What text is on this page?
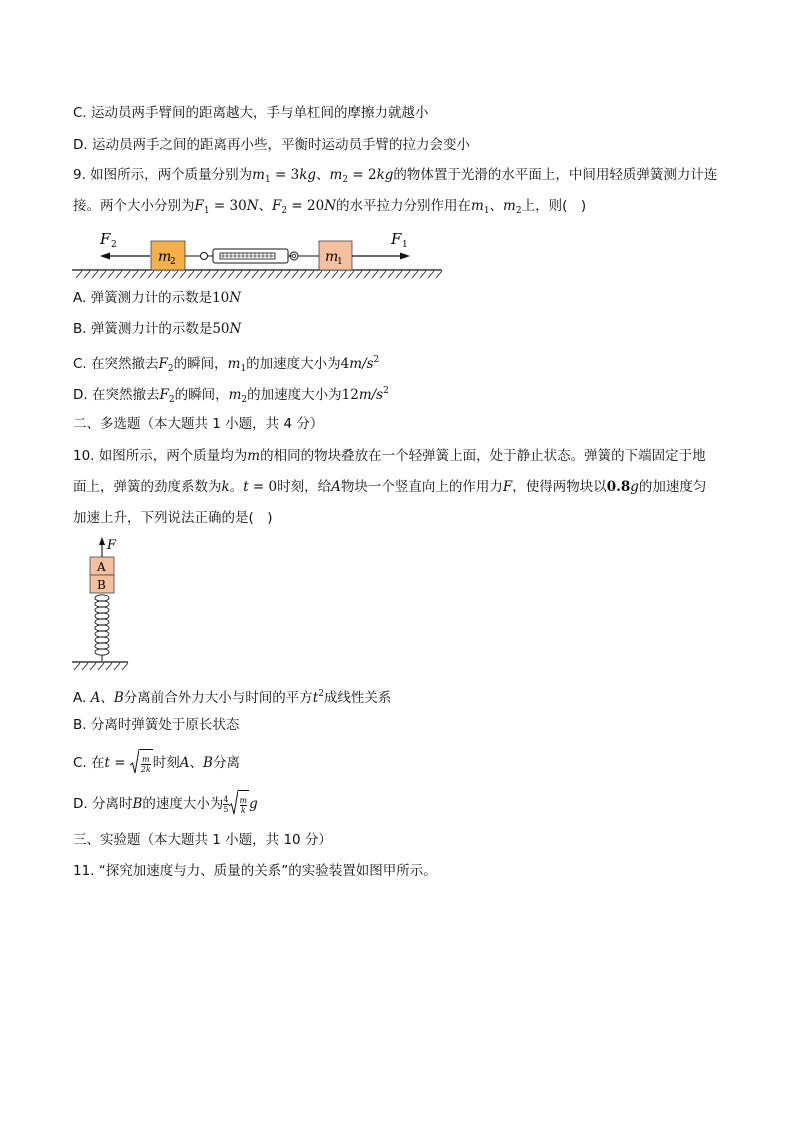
C. 运动员两手臂间的距离越大，手与单杠间的摩擦力就越小
D. 运动员两手之间的距离再小些，平衡时运动员手臂的拉力会变小
9. 如图所示，两个质量分别为$m_1 = 3kg$、$m_2 = 2kg$的物体置于光滑的水平面上，中间用轻质弹簧测力计连
接。两个大小分别为$F_1 = 30N$、$F_2 = 20N$的水平拉力分别作用在$m_1$、$m_2$上，则(　)
F 2
m
2	m
1
F 1
A. 弹簧测力计的示数是10N
B. 弹簧测力计的示数是50N
C. 在突然撤去$F_2$的瞬间，$m_1$的加速度大小为$4m/s^2$
D. 在突然撤去$F_2$的瞬间，$m_2$的加速度大小为$12m/s^2$
二、多选题（本大题共 1 小题，共 4 分）
10. 如图所示，两个质量均为m的相同的物块叠放在一个轻弹簧上面，处于静止状态。弹簧的下端固定于地
面上，弹簧的劲度系数为k。t = 0时刻，给A物块一个竖直向上的作用力F，使得两物块以0.8g的加速度匀
加速上升，下列说法正确的是(　)
F
A
B
A. A、B分离前合外力大小与时间的平方$t^2$成线性关系
B. 分离时弹簧处于原长状态
C. 在$t = \frac{m}{2k}$ 时刻A、B分离
D. 分离时B的速度大小为 $\frac{4}{5} \frac{m}{k}$ g
三、实验题（本大题共 1 小题，共 10 分）
11. “探究加速度与力、质量的关系”的实验装置如图甲所示。
